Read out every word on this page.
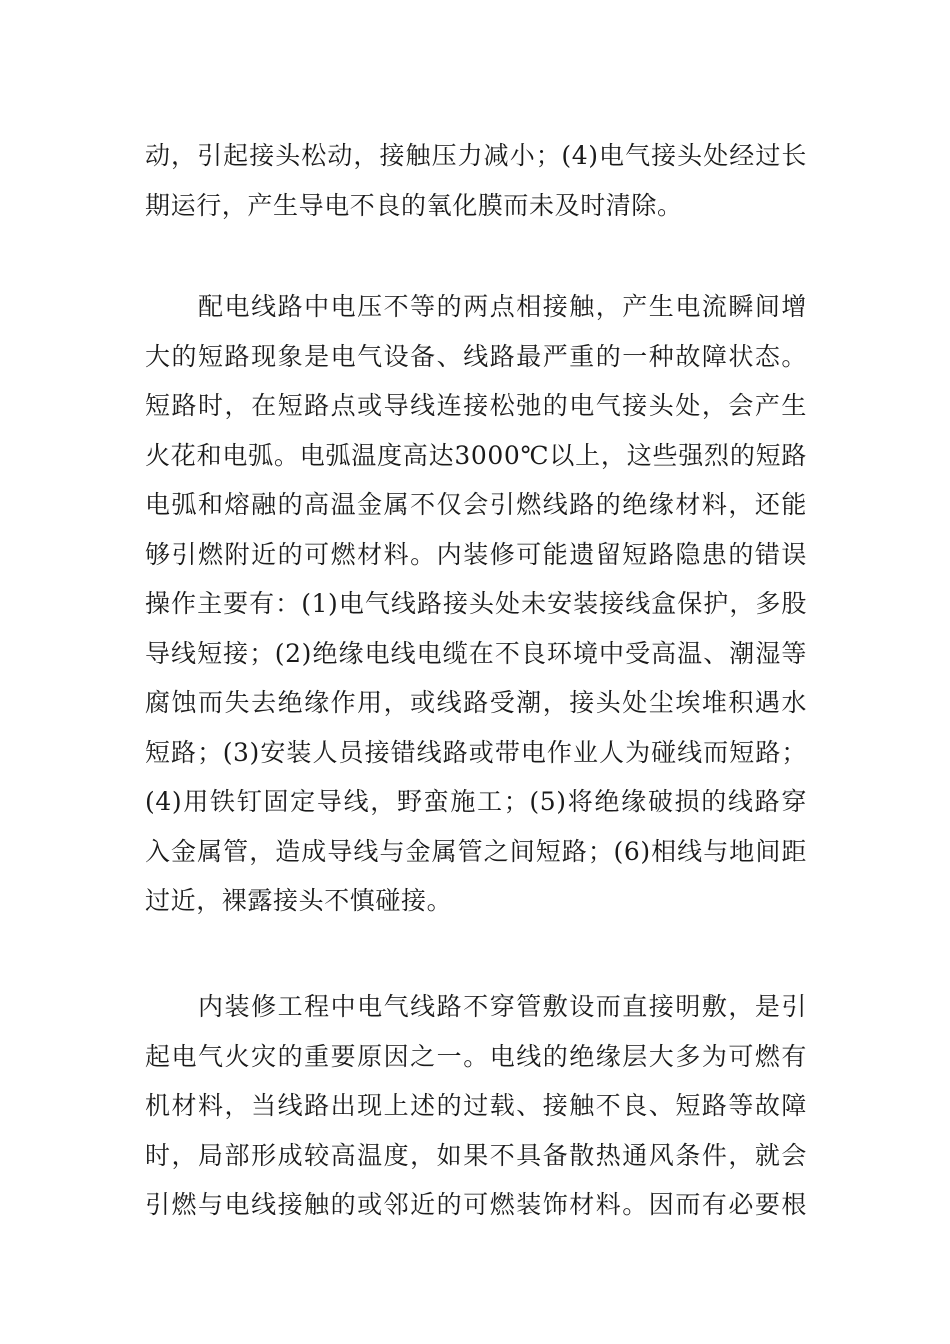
动，引起接头松动，接触压力减小；(4)电气接头处经过长
期运行，产生导电不良的氧化膜而未及时清除。

　　配电线路中电压不等的两点相接触，产生电流瞬间增
大的短路现象是电气设备、线路最严重的一种故障状态。
短路时，在短路点或导线连接松弛的电气接头处，会产生
火花和电弧。电弧温度高达3000℃以上，这些强烈的短路
电弧和熔融的高温金属不仅会引燃线路的绝缘材料，还能
够引燃附近的可燃材料。内装修可能遗留短路隐患的错误
操作主要有：(1)电气线路接头处未安装接线盒保护，多股
导线短接；(2)绝缘电线电缆在不良环境中受高温、潮湿等
腐蚀而失去绝缘作用，或线路受潮，接头处尘埃堆积遇水
短路；(3)安装人员接错线路或带电作业人为碰线而短路；
(4)用铁钉固定导线，野蛮施工；(5)将绝缘破损的线路穿
入金属管，造成导线与金属管之间短路；(6)相线与地间距
过近，裸露接头不慎碰接。

　　内装修工程中电气线路不穿管敷设而直接明敷，是引
起电气火灾的重要原因之一。电线的绝缘层大多为可燃有
机材料，当线路出现上述的过载、接触不良、短路等故障
时，局部形成较高温度，如果不具备散热通风条件，就会
引燃与电线接触的或邻近的可燃装饰材料。因而有必要根
